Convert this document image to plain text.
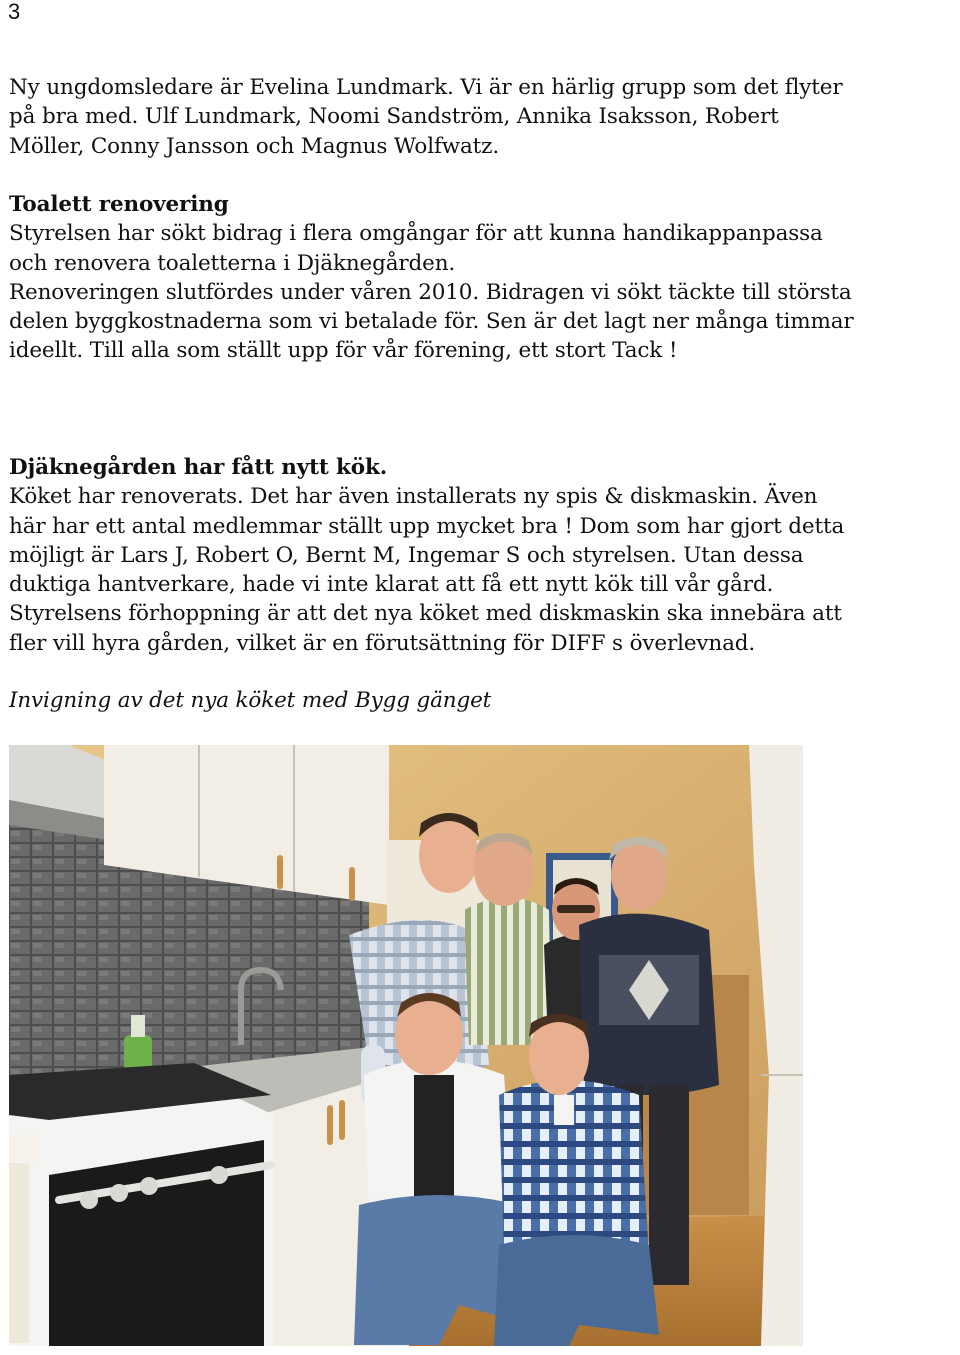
3

Ny ungdomsledare är Evelina Lundmark. Vi är en härlig grupp som det flyter
på bra med. Ulf Lundmark, Noomi Sandström, Annika Isaksson, Robert
Möller, Conny Jansson och Magnus Wolfwatz.

Toalett renovering
Styrelsen har sökt bidrag i flera omgångar för att kunna handikappanpassa
och renovera toaletterna i Djäknegården.
Renoveringen slutfördes under våren 2010. Bidragen vi sökt täckte till största
delen byggkostnaderna som vi betalade för. Sen är det lagt ner många timmar
ideellt. Till alla som ställt upp för vår förening, ett stort Tack !

Djäknegården har fått nytt kök.
Köket har renoverats. Det har även installerats ny spis & diskmaskin. Även
här har ett antal medlemmar ställt upp mycket bra ! Dom som har gjort detta
möjligt är Lars J, Robert O, Bernt M, Ingemar S och styrelsen. Utan dessa
duktiga hantverkare, hade vi inte klarat att få ett nytt kök till vår gård.
Styrelsens förhoppning är att det nya köket med diskmaskin ska innebära att
fler vill hyra gården, vilket är en förutsättning för DIFF s överlevnad.

Invigning av det nya köket med Bygg gänget
